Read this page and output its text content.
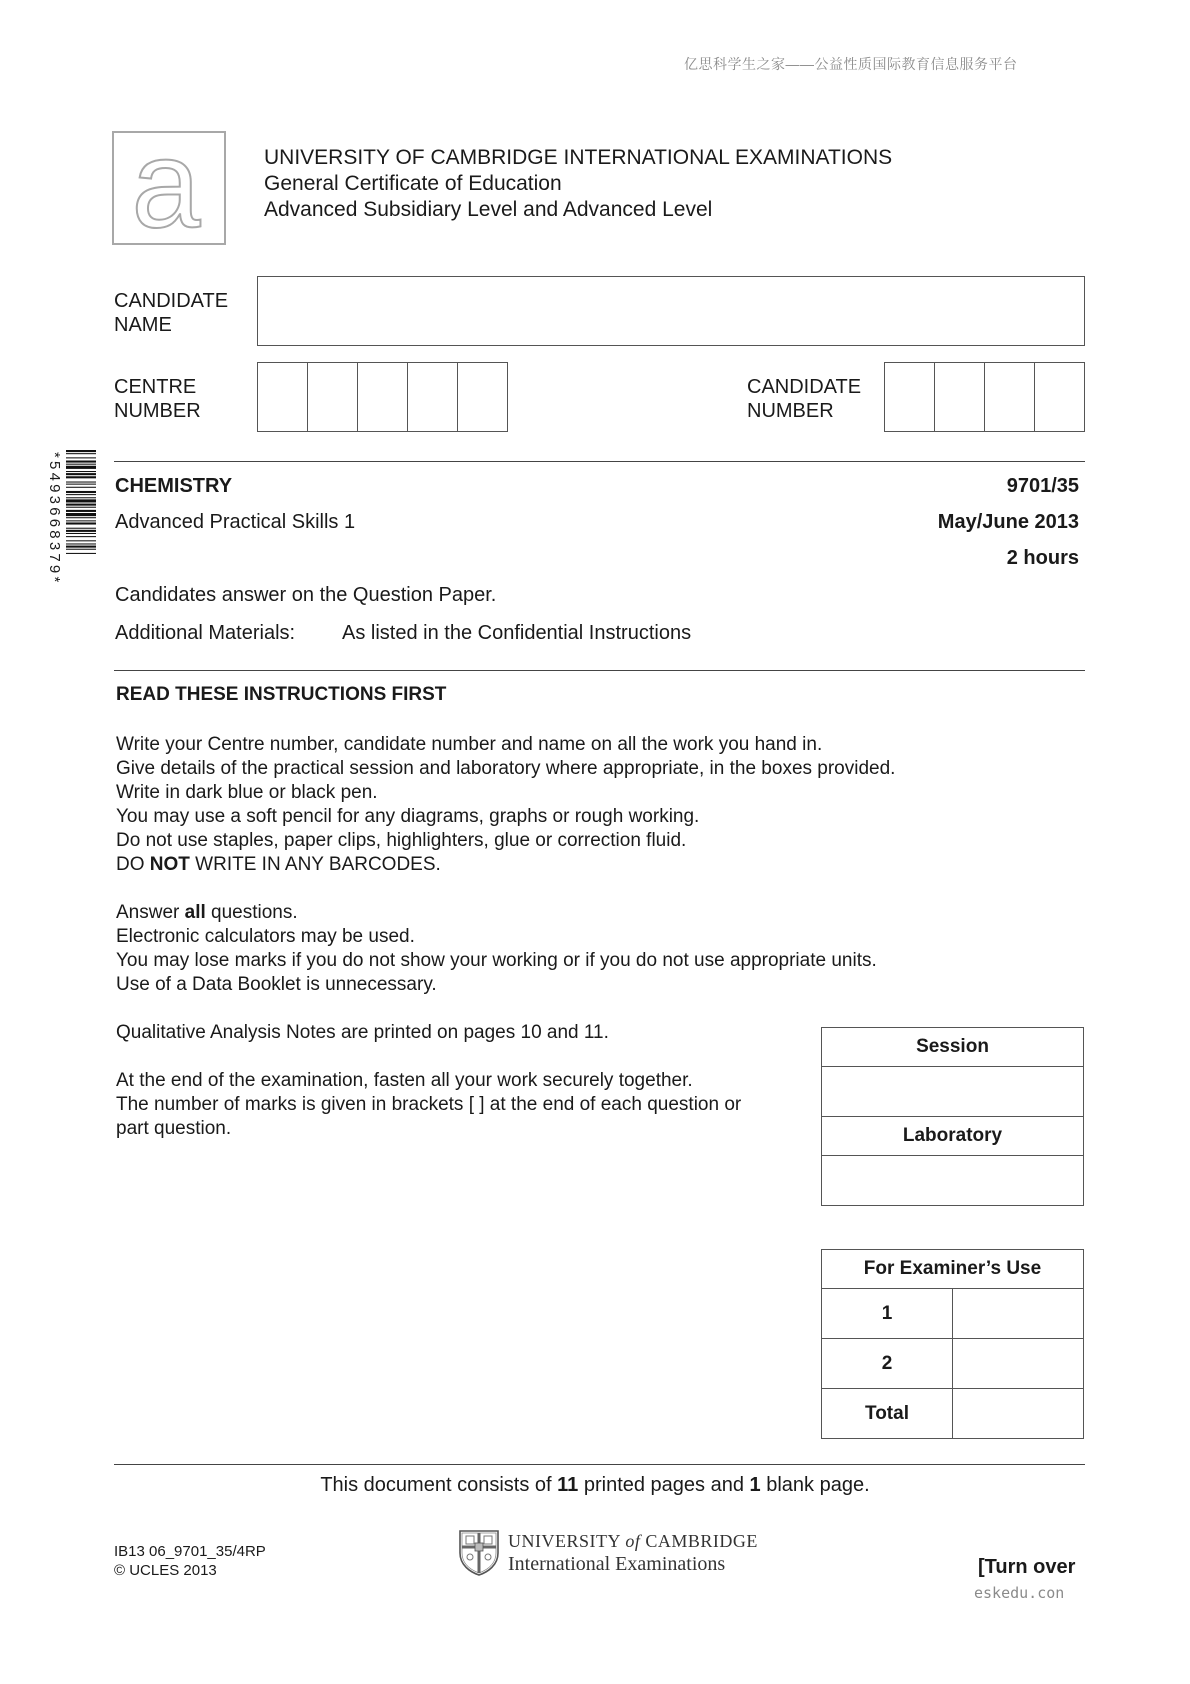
亿思科学生之家——公益性质国际教育信息服务平台
a	UNIVERSITY OF CAMBRIDGE INTERNATIONAL EXAMINATIONS
General Certificate of Education
Advanced Subsidiary Level and Advanced Level
CANDIDATE
NAME
CENTRE
NUMBER
CANDIDATE
NUMBER
*5493668379*	CHEMISTRY	9701/35
Advanced Practical Skills 1	May/June 2013
2 hours
Candidates answer on the Question Paper.
Additional Materials: As listed in the Confidential Instructions
READ THESE INSTRUCTIONS FIRST
Write your Centre number, candidate number and name on all the work you hand in.
Give details of the practical session and laboratory where appropriate, in the boxes provided.
Write in dark blue or black pen.
You may use a soft pencil for any diagrams, graphs or rough working.
Do not use staples, paper clips, highlighters, glue or correction fluid.
DO NOT WRITE IN ANY BARCODES.
Answer all questions.
Electronic calculators may be used.
You may lose marks if you do not show your working or if you do not use appropriate units.
Use of a Data Booklet is unnecessary.
Qualitative Analysis Notes are printed on pages 10 and 11.
At the end of the examination, fasten all your work securely together.
The number of marks is given in brackets [ ] at the end of each question or
part question.
Session

Laboratory

For Examiner’s Use	
1	
2	
Total	
This document consists of 11 printed pages and 1 blank page.
IB13 06_9701_35/4RP
© UCLES 2013
UNIVERSITY of CAMBRIDGE
International Examinations	[Turn over
eskedu.con
